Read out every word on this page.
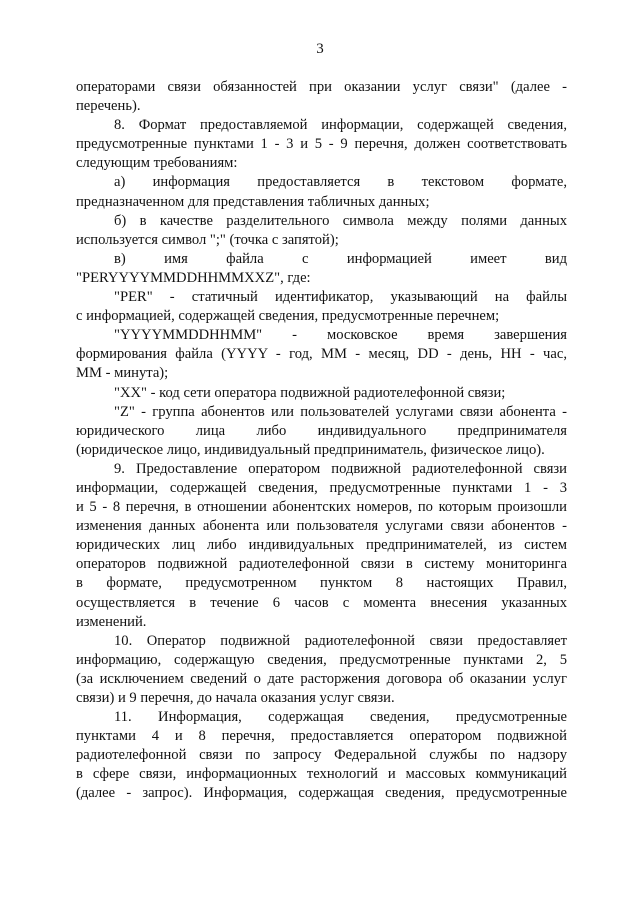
3
операторами связи обязанностей при оказании услуг связи" (далее -
перечень).
8. Формат предоставляемой информации, содержащей сведения,
предусмотренные пунктами 1 - 3 и 5 - 9 перечня, должен соответствовать
следующим требованиям:
а) информация предоставляется в текстовом формате,
предназначенном для представления табличных данных;
б) в качестве разделительного символа между полями данных
используется символ ";" (точка с запятой);
в) имя файла с информацией имеет вид
"PERYYYYMMDDHHMMXXZ", где:
"PER" - статичный идентификатор, указывающий на файлы
с информацией, содержащей сведения, предусмотренные перечнем;
"YYYYMMDDHHMM" - московское время завершения
формирования файла (YYYY - год, ММ - месяц, DD - день, НН - час,
ММ - минута);
"XX" - код сети оператора подвижной радиотелефонной связи;
"Z" - группа абонентов или пользователей услугами связи абонента -
юридического лица либо индивидуального предпринимателя
(юридическое лицо, индивидуальный предприниматель, физическое лицо).
9. Предоставление оператором подвижной радиотелефонной связи
информации, содержащей сведения, предусмотренные пунктами 1 - 3
и 5 - 8 перечня, в отношении абонентских номеров, по которым произошли
изменения данных абонента или пользователя услугами связи абонентов -
юридических лиц либо индивидуальных предпринимателей, из систем
операторов подвижной радиотелефонной связи в систему мониторинга
в формате, предусмотренном пунктом 8 настоящих Правил,
осуществляется в течение 6 часов с момента внесения указанных
изменений.
10. Оператор подвижной радиотелефонной связи предоставляет
информацию, содержащую сведения, предусмотренные пунктами 2, 5
(за исключением сведений о дате расторжения договора об оказании услуг
связи) и 9 перечня, до начала оказания услуг связи.
11. Информация, содержащая сведения, предусмотренные
пунктами 4 и 8 перечня, предоставляется оператором подвижной
радиотелефонной связи по запросу Федеральной службы по надзору
в сфере связи, информационных технологий и массовых коммуникаций
(далее - запрос). Информация, содержащая сведения, предусмотренные
